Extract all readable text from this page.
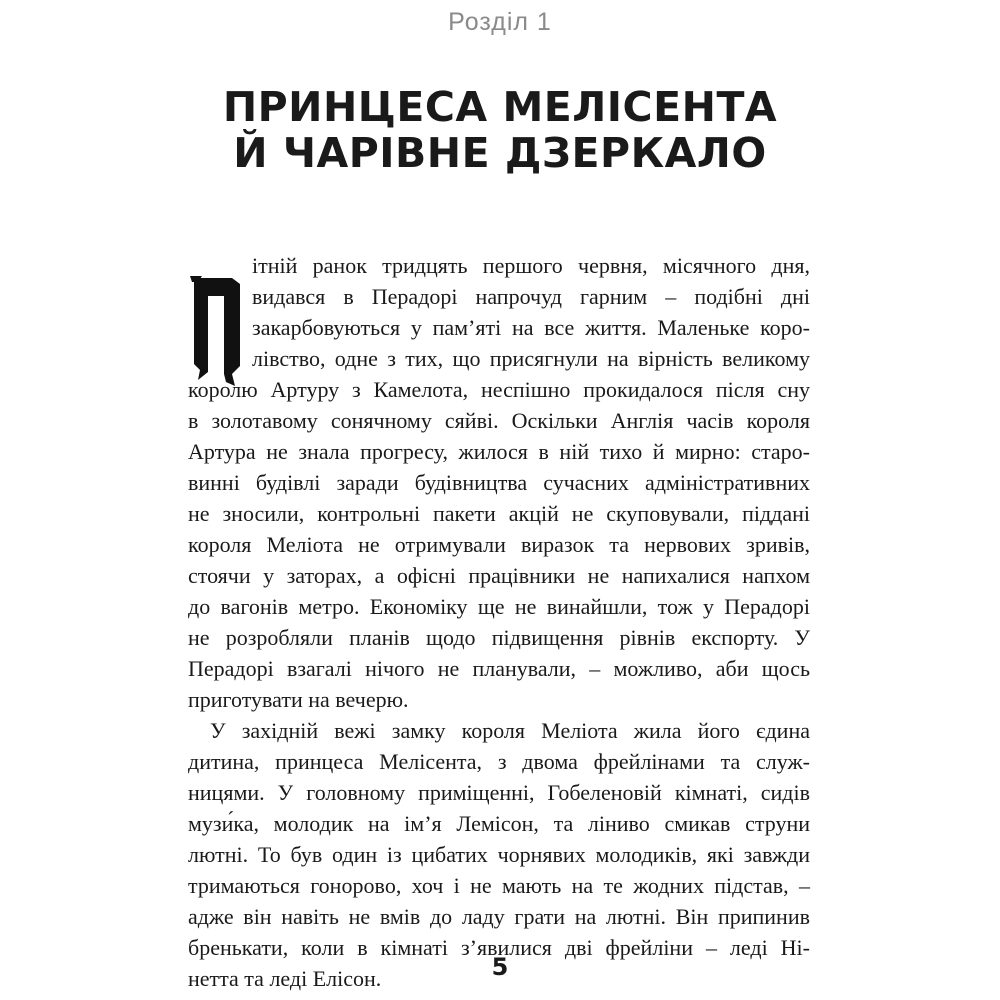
Розділ 1
ПРИНЦЕСА МЕЛІСЕНТА
Й ЧАРІВНЕ ДЗЕРКАЛО

ітній ранок тридцять першого червня, місячного дня,

видався в Перадорі напрочуд гарним – подібні дні

закарбовуються у пам’яті на все життя. Маленьке коро-

лівство, одне з тих, що присягнули на вірність великому

королю Артуру з Камелота, неспішно прокидалося після сну

в золотавому сонячному сяйві. Оскільки Англія часів короля

Артура не знала прогресу, жилося в ній тихо й мирно: старо-

винні будівлі заради будівництва сучасних адміністративних

не зносили, контрольні пакети акцій не скуповували, піддані

короля Меліота не отримували виразок та нервових зривів,

стоячи у заторах, а офісні працівники не напихалися напхом

до вагонів метро. Економіку ще не винайшли, тож у Перадорі

не розробляли планів щодо підвищення рівнів експорту. У

Перадорі взагалі нічого не планували, – можливо, аби щось

приготувати на вечерю.

У західній вежі замку короля Меліота жила його єдина

дитина, принцеса Мелісента, з двома фрейлінами та служ-

ницями. У головному приміщенні, Гобеленовій кімнаті, сидів

музи́ка, молодик на ім’я Лемісон, та ліниво смикав струни

лютні. То був один із цибатих чорнявих молодиків, які завжди

тримаються гоноровo, хоч і не мають на те жодних підстав, –

адже він навіть не вмів до ладу грати на лютні. Він припинив

бренькати, коли в кімнаті з’явилися дві фрейліни – леді Ні-

нетта та леді Елісон.	5
